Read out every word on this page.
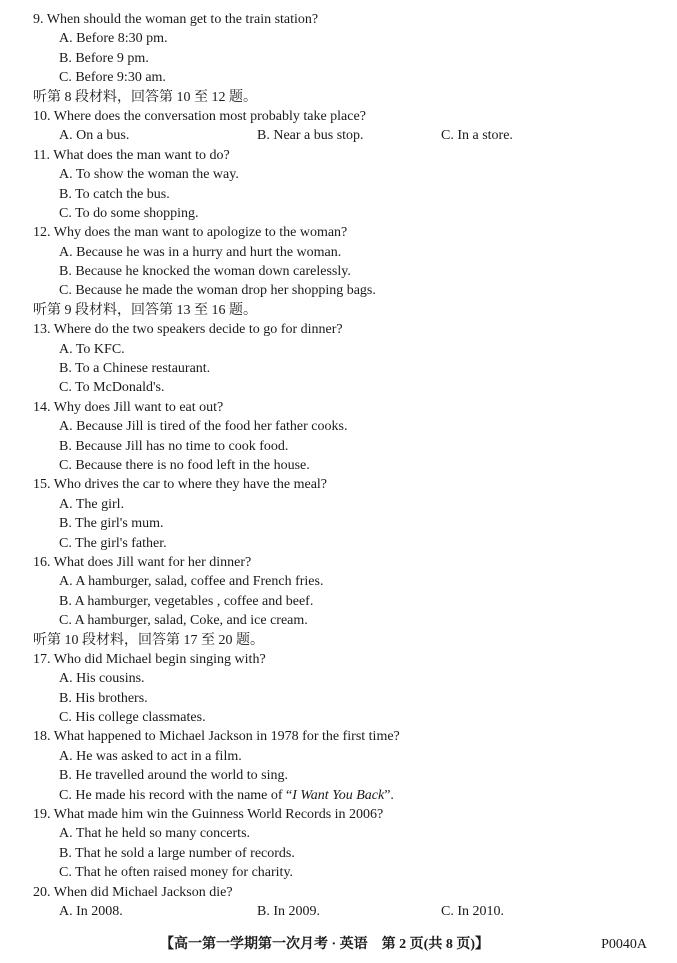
9. When should the woman get to the train station?
A. Before 8:30 pm.
B. Before 9 pm.
C. Before 9:30 am.
听第 8 段材料，回答第 10 至 12 题。
10. Where does the conversation most probably take place?
A. On a bus.	B. Near a bus stop.	C. In a store.
11. What does the man want to do?
A. To show the woman the way.
B. To catch the bus.
C. To do some shopping.
12. Why does the man want to apologize to the woman?
A. Because he was in a hurry and hurt the woman.
B. Because he knocked the woman down carelessly.
C. Because he made the woman drop her shopping bags.
听第 9 段材料，回答第 13 至 16 题。
13. Where do the two speakers decide to go for dinner?
A. To KFC.
B. To a Chinese restaurant.
C. To McDonald's.
14. Why does Jill want to eat out?
A. Because Jill is tired of the food her father cooks.
B. Because Jill has no time to cook food.
C. Because there is no food left in the house.
15. Who drives the car to where they have the meal?
A. The girl.
B. The girl's mum.
C. The girl's father.
16. What does Jill want for her dinner?
A. A hamburger, salad, coffee and French fries.
B. A hamburger, vegetables , coffee and beef.
C. A hamburger, salad, Coke, and ice cream.
听第 10 段材料，回答第 17 至 20 题。
17. Who did Michael begin singing with?
A. His cousins.
B. His brothers.
C. His college classmates.
18. What happened to Michael Jackson in 1978 for the first time?
A. He was asked to act in a film.
B. He travelled around the world to sing.
C. He made his record with the name of “I Want You Back”.
19. What made him win the Guinness World Records in 2006?
A. That he held so many concerts.
B. That he sold a large number of records.
C. That he often raised money for charity.
20. When did Michael Jackson die?
A. In 2008.	B. In 2009.	C. In 2010.
【高一第一学期第一次月考 · 英语　第 2 页(共 8 页)】	P0040A
